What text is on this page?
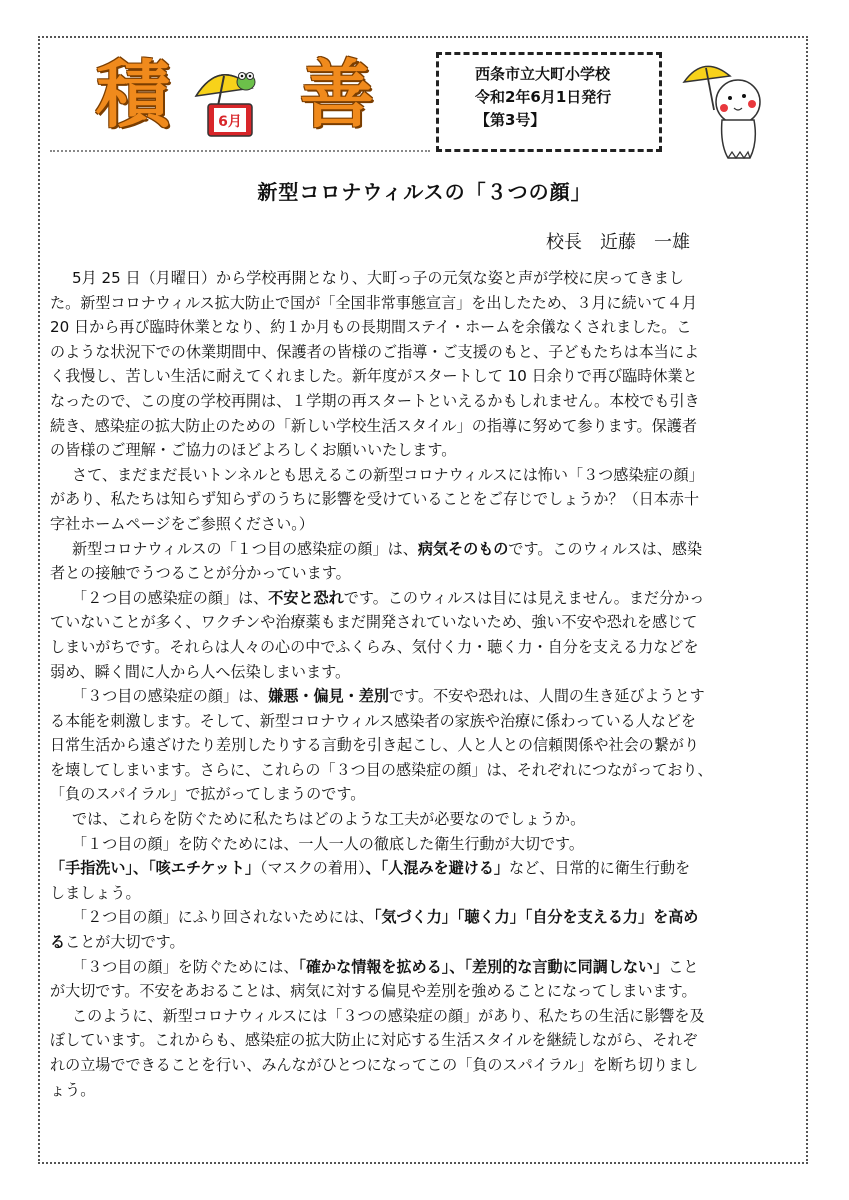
積	6月 善	西条市立大町小学校
令和2年6月1日発行
【第3号】
新型コロナウィルスの「３つの顔」
校長　近藤　一雄

5月 25 日（月曜日）から学校再開となり、大町っ子の元気な姿と声が学校に戻ってきまし

た。新型コロナウィルス拡大防止で国が「全国非常事態宣言」を出したため、３月に続いて４月

20 日から再び臨時休業となり、約１か月もの長期間ステイ・ホームを余儀なくされました。こ

のような状況下での休業期間中、保護者の皆様のご指導・ご支援のもと、子どもたちは本当によ

く我慢し、苦しい生活に耐えてくれました。新年度がスタートして 10 日余りで再び臨時休業と

なったので、この度の学校再開は、１学期の再スタートといえるかもしれません。本校でも引き

続き、感染症の拡大防止のための「新しい学校生活スタイル」の指導に努めて参ります。保護者

の皆様のご理解・ご協力のほどよろしくお願いいたします。

さて、まだまだ長いトンネルとも思えるこの新型コロナウィルスには怖い「３つ感染症の顔」

があり、私たちは知らず知らずのうちに影響を受けていることをご存じでしょうか？（日本赤十

字社ホームページをご参照ください。）

新型コロナウィルスの「１つ目の感染症の顔」は、病気そのものです。このウィルスは、感染

者との接触でうつることが分かっています。

「２つ目の感染症の顔」は、不安と恐れです。このウィルスは目には見えません。まだ分かっ

ていないことが多く、ワクチンや治療薬もまだ開発されていないため、強い不安や恐れを感じて

しまいがちです。それらは人々の心の中でふくらみ、気付く力・聴く力・自分を支える力などを

弱め、瞬く間に人から人へ伝染しまいます。

「３つ目の感染症の顔」は、嫌悪・偏見・差別です。不安や恐れは、人間の生き延びようとす

る本能を刺激します。そして、新型コロナウィルス感染者の家族や治療に係わっている人などを

日常生活から遠ざけたり差別したりする言動を引き起こし、人と人との信頼関係や社会の繋がり

を壊してしまいます。さらに、これらの「３つ目の感染症の顔」は、それぞれにつながっており、

「負のスパイラル」で拡がってしまうのです。

では、これらを防ぐために私たちはどのような工夫が必要なのでしょうか。

「１つ目の顔」を防ぐためには、一人一人の徹底した衛生行動が大切です。

「手指洗い」、「咳エチケット」（マスクの着用）、「人混みを避ける」など、日常的に衛生行動を

しましょう。

「２つ目の顔」にふり回されないためには、「気づく力」「聴く力」「自分を支える力」を高め

ることが大切です。

「３つ目の顔」を防ぐためには、「確かな情報を拡める」、「差別的な言動に同調しない」こと

が大切です。不安をあおることは、病気に対する偏見や差別を強めることになってしまいます。

このように、新型コロナウィルスには「３つの感染症の顔」があり、私たちの生活に影響を及

ぼしています。これからも、感染症の拡大防止に対応する生活スタイルを継続しながら、それぞ

れの立場でできることを行い、みんながひとつになってこの「負のスパイラル」を断ち切りまし

ょう。
